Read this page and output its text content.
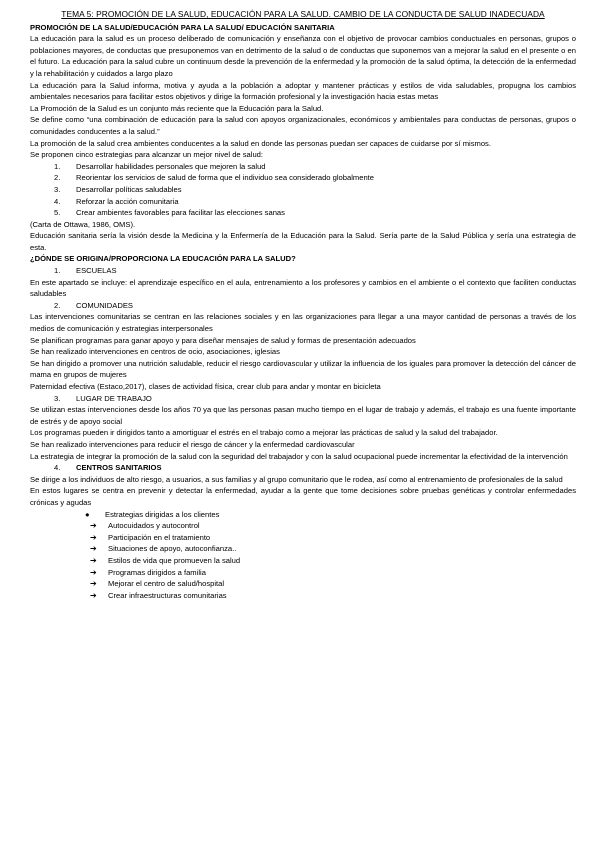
TEMA 5: PROMOCIÓN DE LA SALUD, EDUCACIÓN PARA LA SALUD. CAMBIO DE LA CONDUCTA DE SALUD INADECUADA
PROMOCIÓN DE LA SALUD/EDUCACIÓN PARA LA SALUD/ EDUCACIÓN SANITARIA

La educación para la salud es un proceso deliberado de comunicación y enseñanza con el objetivo de provocar cambios conductuales en personas, grupos o poblaciones mayores, de conductas que presuponemos van en detrimento de la salud o de conductas que suponemos van a mejorar la salud en el presente o en el futuro. La educación para la salud cubre un continuum desde la prevención de la enfermedad y la promoción de la salud óptima, la detección de la enfermedad y la rehabilitación y cuidados a largo plazo

La educación para la Salud informa, motiva y ayuda a la población a adoptar y mantener prácticas y estilos de vida saludables, propugna los cambios ambientales necesarios para facilitar estos objetivos y dirige la formación profesional y la investigación hacia estas metas

La Promoción de la Salud es un conjunto más reciente que la Educación para la Salud.

Se define como “una combinación de educación para la salud con apoyos organizacionales, económicos y ambientales para conductas de personas, grupos o comunidades conducentes a la salud.”

La promoción de la salud crea ambientes conducentes a la salud en donde las personas puedan ser capaces de cuidarse por sí mismos.

Se proponen cinco estrategias para alcanzar un mejor nivel de salud:

1.	Desarrollar habilidades personales que mejoren la salud
2.	Reorientar los servicios de salud de forma que el individuo sea considerado globalmente
3.	Desarrollar políticas saludables
4.	Reforzar la acción comunitaria
5.	Crear ambientes favorables para facilitar las elecciones sanas

(Carta de Ottawa, 1986, OMS).

Educación sanitaria sería la visión desde la Medicina y la Enfermería de la Educación para la Salud. Sería parte de la Salud Pública y sería una estrategia de esta.

¿DÓNDE SE ORIGINA/PROPORCIONA LA EDUCACIÓN PARA LA SALUD?
1.	ESCUELAS

En este apartado se incluye: el aprendizaje específico en el aula, entrenamiento a los profesores y cambios en el ambiente o el contexto que faciliten conductas saludables

2.	COMUNIDADES

Las intervenciones comunitarias se centran en las relaciones sociales y en las organizaciones para llegar a una mayor cantidad de personas a través de los medios de comunicación y estrategias interpersonales

Se planifican programas para ganar apoyo y para diseñar mensajes de salud y formas de presentación adecuados

Se han realizado intervenciones en centros de ocio, asociaciones, iglesias

Se han dirigido a promover una nutrición saludable, reducir el riesgo cardiovascular y utilizar la influencia de los iguales para promover la detección del cáncer de mama en grupos de mujeres

Paternidad efectiva (Estaco,2017), clases de actividad física, crear club para andar y montar en bicicleta

3.	LUGAR DE TRABAJO

Se utilizan estas intervenciones desde los años 70 ya que las personas pasan mucho tiempo en el lugar de trabajo y además, el trabajo es una fuente importante de estrés y de apoyo social

Los programas pueden ir dirigidos tanto a amortiguar el estrés en el trabajo como a mejorar las prácticas de salud y la salud del trabajador.

Se han realizado intervenciones para reducir el riesgo de cáncer y la enfermedad cardiovascular

La estrategia de integrar la promoción de la salud con la seguridad del trabajador y con la salud ocupacional puede incrementar la efectividad de la intervención

4.	CENTROS SANITARIOS

Se dirige a los individuos de alto riesgo, a usuarios, a sus familias y al grupo comunitario que le rodea, así como al entrenamiento de profesionales de la salud

En estos lugares se centra en prevenir y detectar la enfermedad, ayudar a la gente que tome decisiones sobre pruebas genéticas y controlar enfermedades crónicas y agudas

●	Estrategias dirigidas a los clientes
➔	Autocuidados y autocontrol
➔	Participación en el tratamiento
➔	Situaciones de apoyo, autoconfianza..
➔	Estilos de vida que promueven la salud
➔	Programas dirigidos a familia
➔	Mejorar el centro de salud/hospital
➔	Crear infraestructuras comunitarias
